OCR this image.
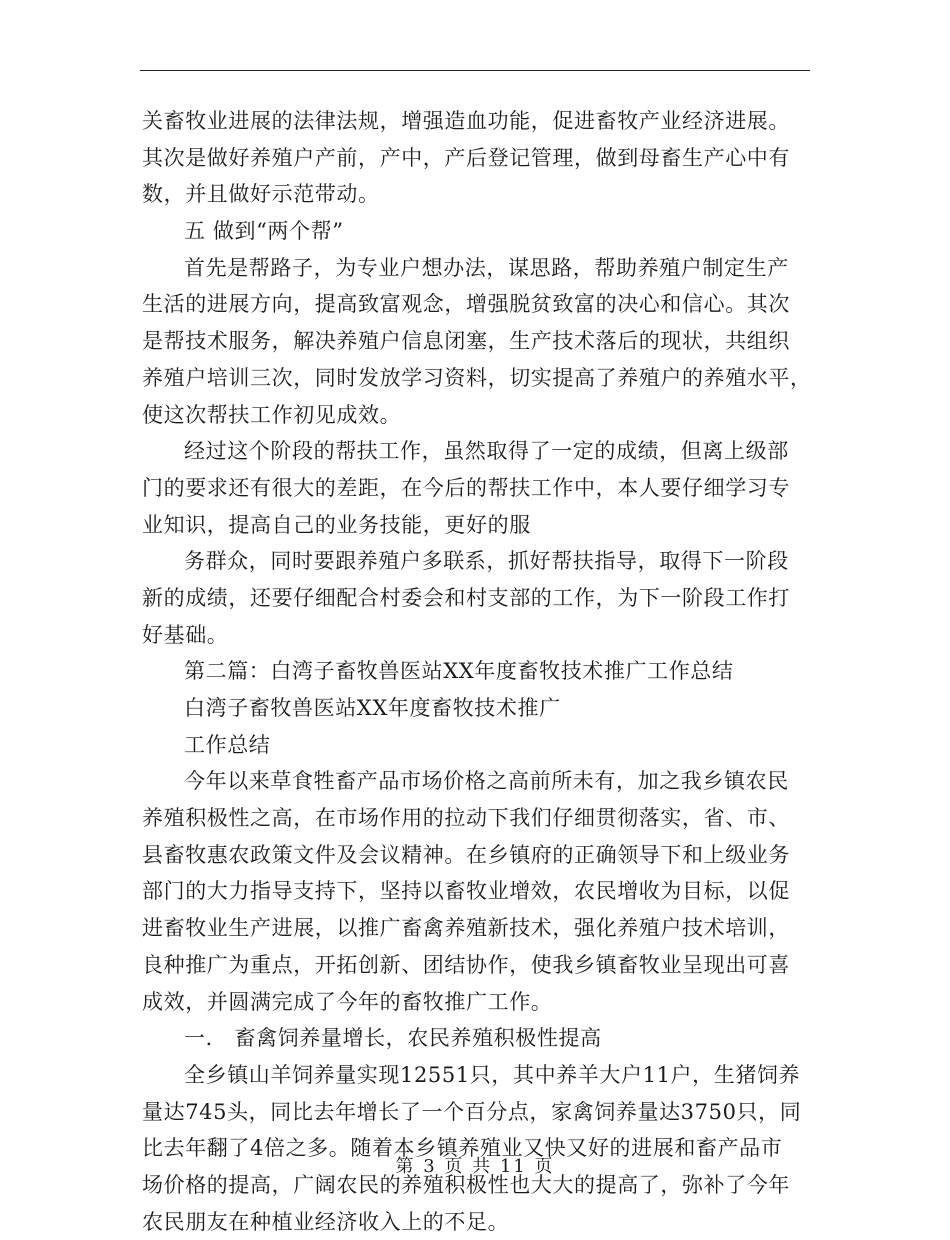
关畜牧业进展的法律法规，增强造血功能，促进畜牧产业经济进展。
其次是做好养殖户产前，产中，产后登记管理，做到母畜生产心中有
数，并且做好示范带动。
五 做到“两个帮”
首先是帮路子，为专业户想办法，谋思路，帮助养殖户制定生产
生活的进展方向，提高致富观念，增强脱贫致富的决心和信心。其次
是帮技术服务，解决养殖户信息闭塞，生产技术落后的现状，共组织
养殖户培训三次，同时发放学习资料，切实提高了养殖户的养殖水平，
使这次帮扶工作初见成效。
经过这个阶段的帮扶工作，虽然取得了一定的成绩，但离上级部
门的要求还有很大的差距，在今后的帮扶工作中，本人要仔细学习专
业知识，提高自己的业务技能，更好的服
务群众，同时要跟养殖户多联系，抓好帮扶指导，取得下一阶段
新的成绩，还要仔细配合村委会和村支部的工作，为下一阶段工作打
好基础。
第二篇：白湾子畜牧兽医站XX年度畜牧技术推广工作总结
白湾子畜牧兽医站XX年度畜牧技术推广
工作总结
今年以来草食牲畜产品市场价格之高前所未有，加之我乡镇农民
养殖积极性之高，在市场作用的拉动下我们仔细贯彻落实，省、市、
县畜牧惠农政策文件及会议精神。在乡镇府的正确领导下和上级业务
部门的大力指导支持下，坚持以畜牧业增效，农民增收为目标，以促
进畜牧业生产进展，以推广畜禽养殖新技术，强化养殖户技术培训，
良种推广为重点，开拓创新、团结协作，使我乡镇畜牧业呈现出可喜
成效，并圆满完成了今年的畜牧推广工作。
一． 畜禽饲养量增长，农民养殖积极性提高
全乡镇山羊饲养量实现12551只，其中养羊大户11户，生猪饲养
量达745头，同比去年增长了一个百分点，家禽饲养量达3750只，同
比去年翻了4倍之多。随着本乡镇养殖业又快又好的进展和畜产品市
场价格的提高，广阔农民的养殖积极性也大大的提高了，弥补了今年
农民朋友在种植业经济收入上的不足。
第 3 页 共 11 页
